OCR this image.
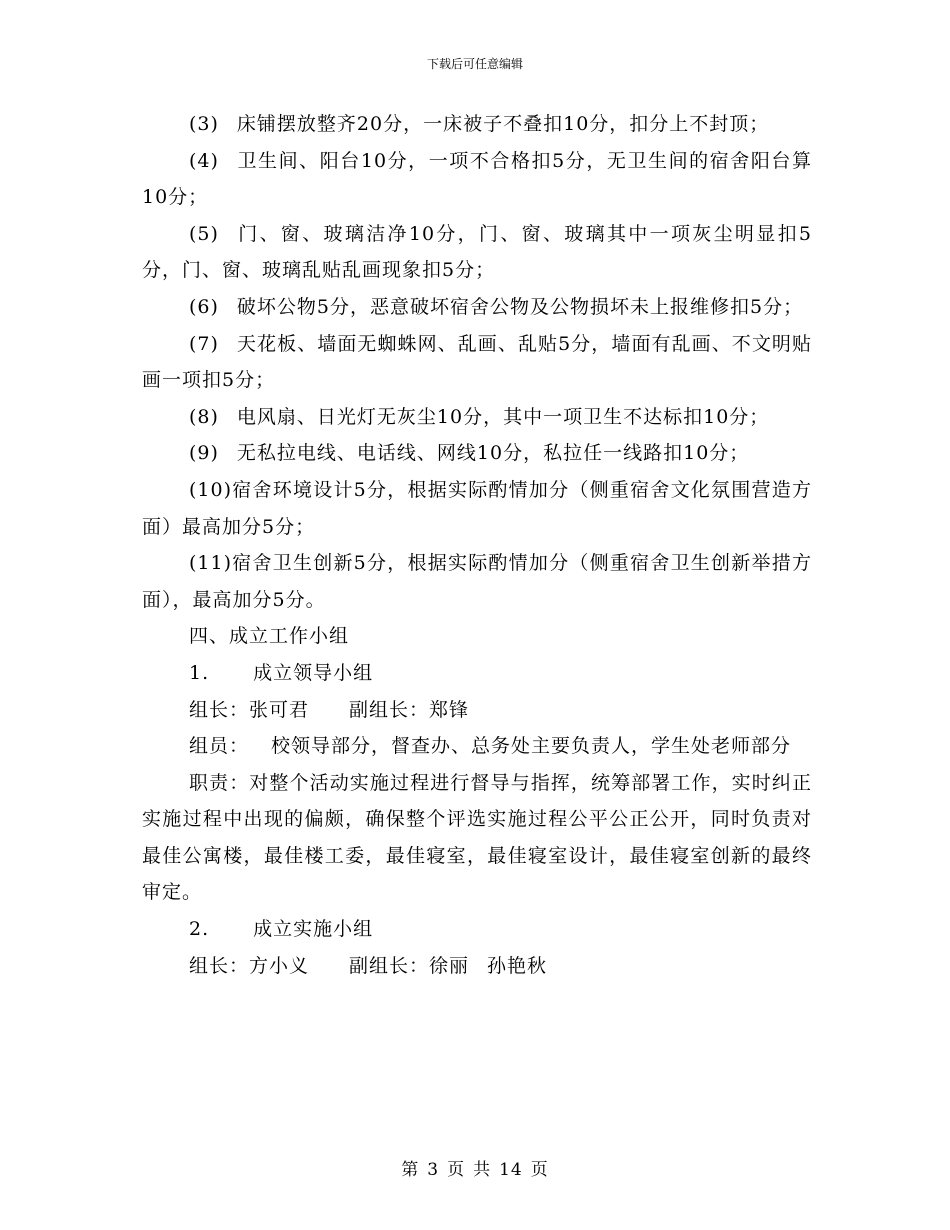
下载后可任意编辑

(3) 床铺摆放整齐20分，一床被子不叠扣10分，扣分上不封顶；

(4) 卫生间、阳台10分，一项不合格扣5分，无卫生间的宿舍阳台算10分；

(5) 门、窗、玻璃洁净10分，门、窗、玻璃其中一项灰尘明显扣5分，门、窗、玻璃乱贴乱画现象扣5分；

(6) 破坏公物5分，恶意破坏宿舍公物及公物损坏未上报维修扣5分；

(7) 天花板、墙面无蜘蛛网、乱画、乱贴5分，墙面有乱画、不文明贴画一项扣5分；

(8) 电风扇、日光灯无灰尘10分，其中一项卫生不达标扣10分；

(9) 无私拉电线、电话线、网线10分，私拉任一线路扣10分；

(10)宿舍环境设计5分，根据实际酌情加分（侧重宿舍文化氛围营造方面）最高加分5分；

(11)宿舍卫生创新5分，根据实际酌情加分（侧重宿舍卫生创新举措方面），最高加分5分。

四、成立工作小组

1. 成立领导小组

组长：张可君 副组长：郑锋

组员： 校领导部分，督查办、总务处主要负责人，学生处老师部分

职责：对整个活动实施过程进行督导与指挥，统筹部署工作，实时纠正实施过程中出现的偏颇，确保整个评选实施过程公平公正公开，同时负责对最佳公寓楼，最佳楼工委，最佳寝室，最佳寝室设计，最佳寝室创新的最终审定。

2. 成立实施小组

组长：方小义 副组长：徐丽 孙艳秋

第 3 页 共 14 页
